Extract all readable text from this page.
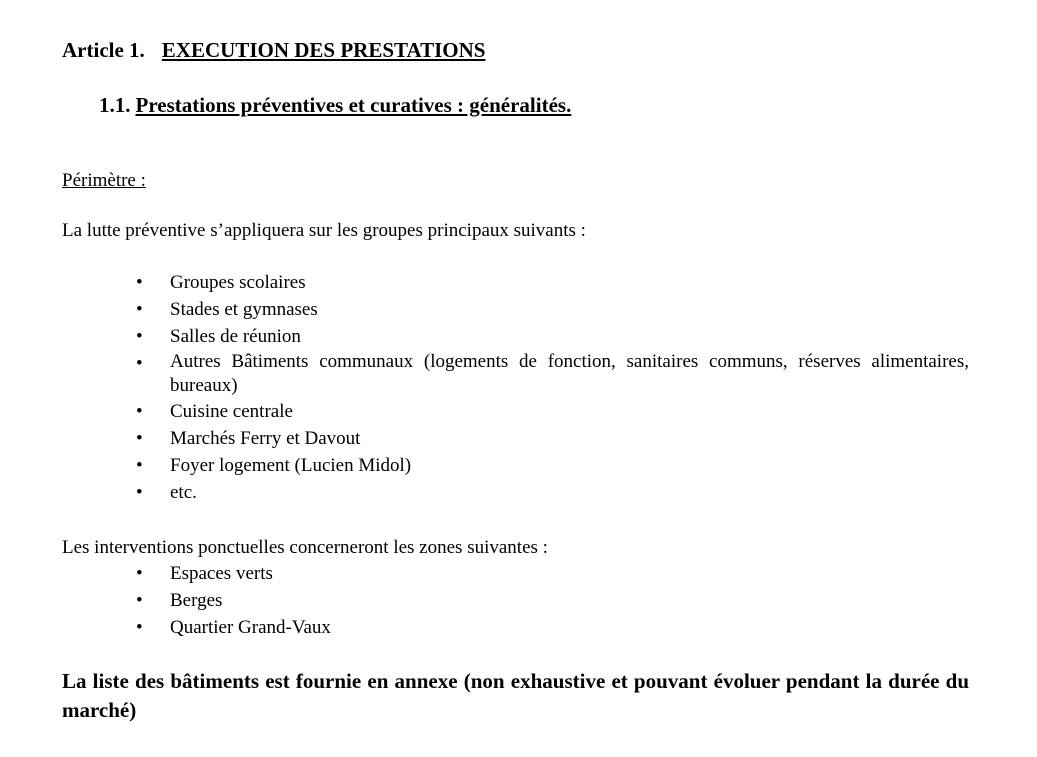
Article 1. EXECUTION DES PRESTATIONS
1.1. Prestations préventives et curatives : généralités.
Périmètre :
La lutte préventive s’appliquera sur les groupes principaux suivants :
• Groupes scolaires
• Stades et gymnases
• Salles de réunion
• Autres Bâtiments communaux (logements de fonction, sanitaires communs, réserves alimentaires, bureaux)
• Cuisine centrale
• Marchés Ferry et Davout
• Foyer logement (Lucien Midol)
• etc.
Les interventions ponctuelles concerneront les zones suivantes :
• Espaces verts
• Berges
• Quartier Grand-Vaux
La liste des bâtiments est fournie en annexe (non exhaustive et pouvant évoluer pendant la durée du marché)
